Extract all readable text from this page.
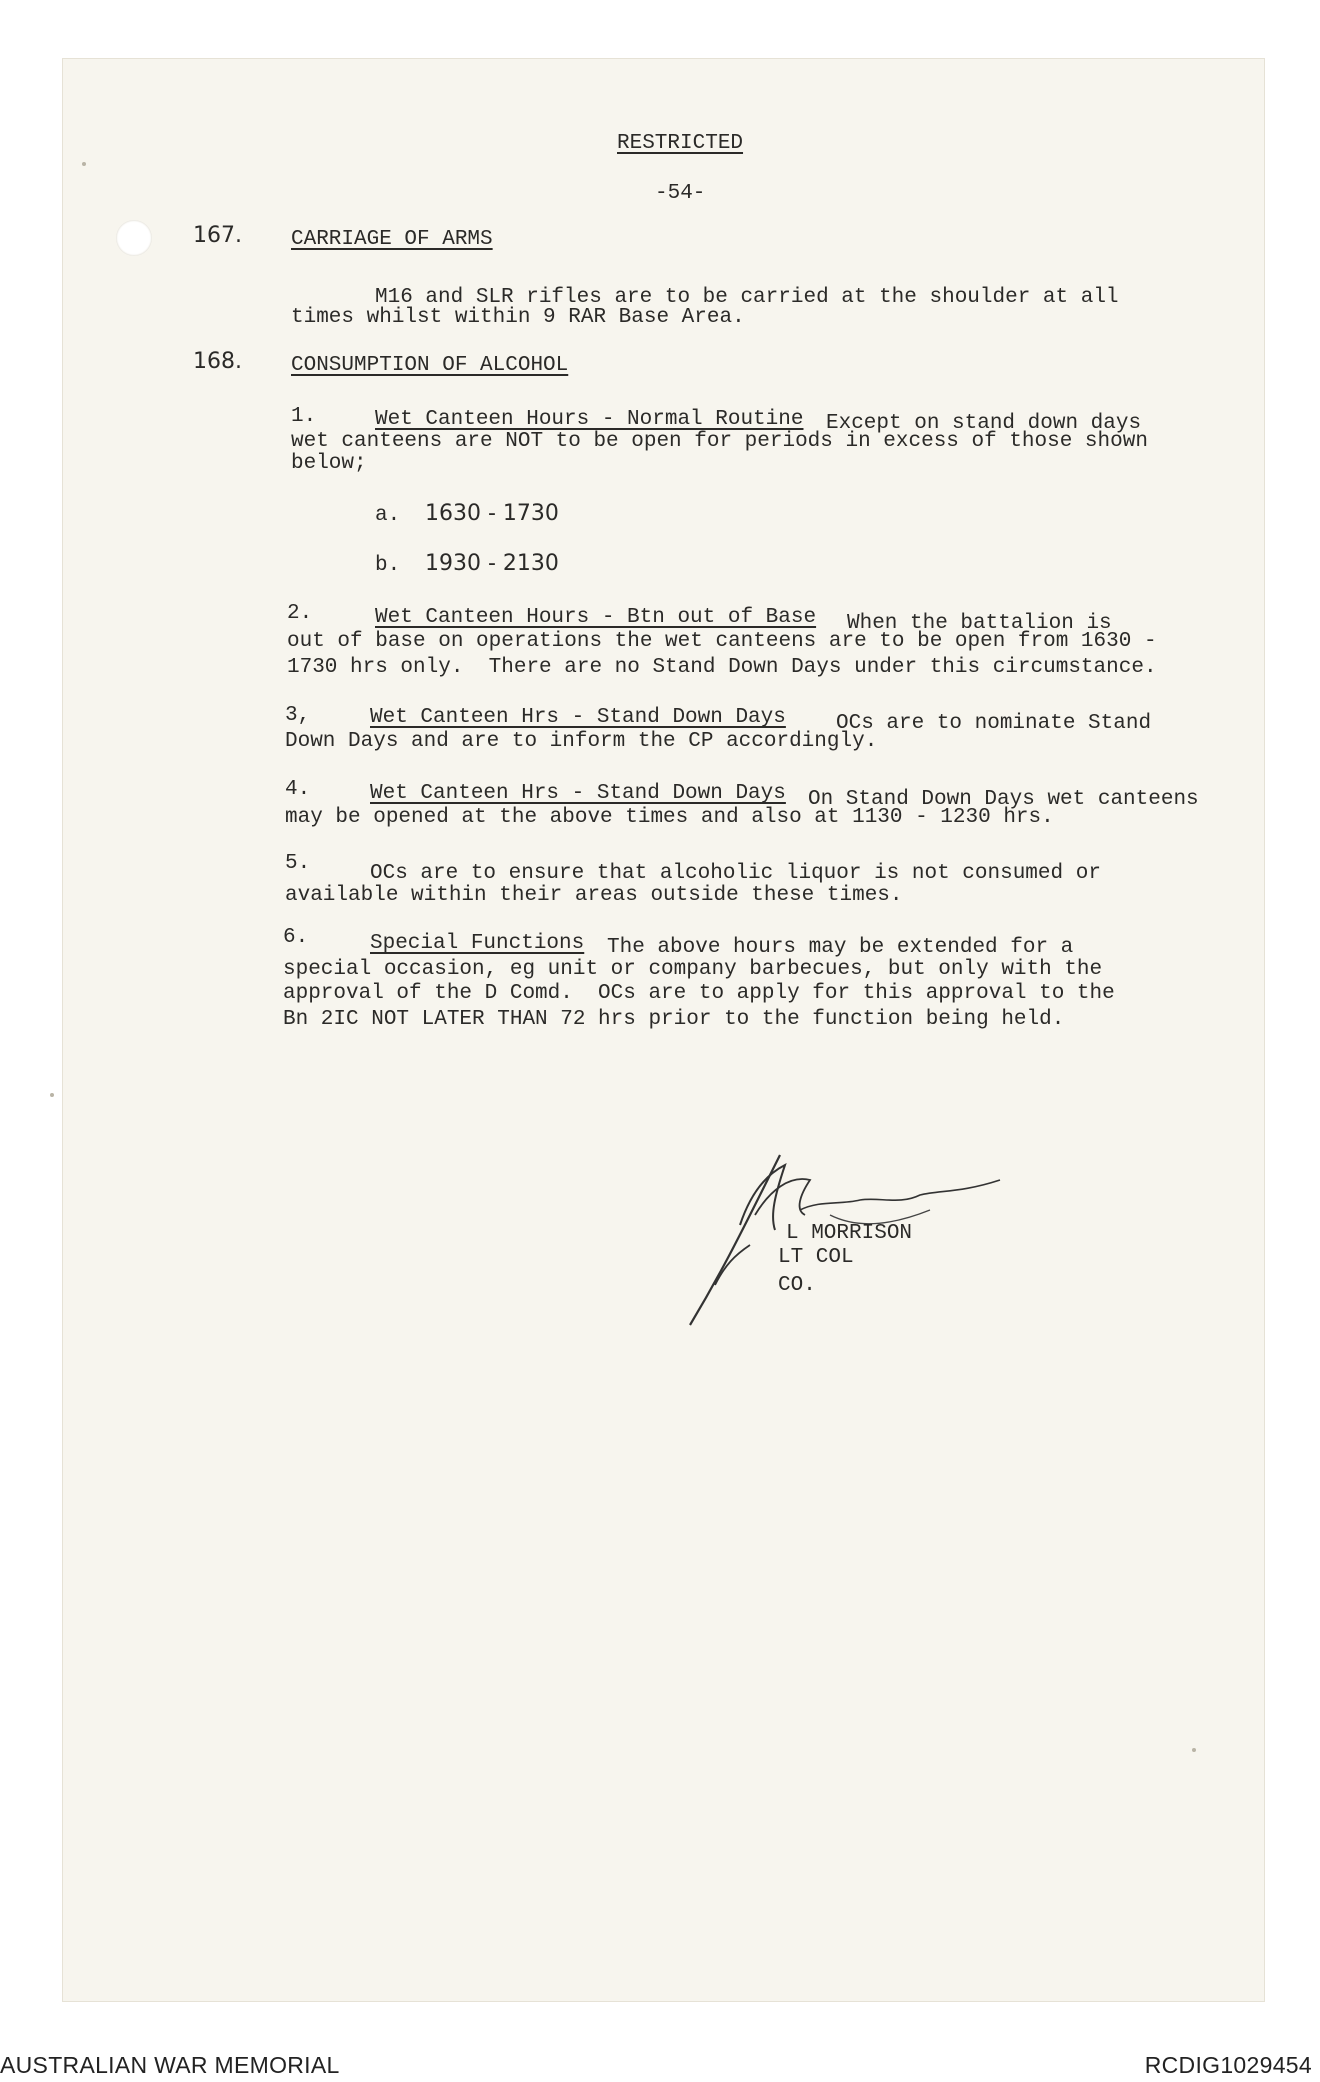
RESTRICTED
-54-
167. CARRIAGE OF ARMS
M16 and SLR rifles are to be carried at the shoulder at all
times whilst within 9 RAR Base Area.
168. CONSUMPTION OF ALCOHOL
1.	Wet Canteen Hours - Normal Routine Except on stand down days
wet canteens are NOT to be open for periods in excess of those shown
below;
a. 1630 - 1730
b. 1930 - 2130
2.	Wet Canteen Hours - Btn out of Base When the battalion is
out of base on operations the wet canteens are to be open from 1630 -
1730 hrs only.  There are no Stand Down Days under this circumstance.
3,	Wet Canteen Hrs - Stand Down Days OCs are to nominate Stand
Down Days and are to inform the CP accordingly.
4.	Wet Canteen Hrs - Stand Down Days On Stand Down Days wet canteens
may be opened at the above times and also at 1130 - 1230 hrs.
5.	OCs are to ensure that alcoholic liquor is not consumed or
available within their areas outside these times.
6.	Special Functions The above hours may be extended for a
special occasion, eg unit or company barbecues, but only with the
approval of the D Comd.  OCs are to apply for this approval to the
Bn 2IC NOT LATER THAN 72 hrs prior to the function being held.
L MORRISON
LT COL
CO.
AUSTRALIAN WAR MEMORIAL	RCDIG1029454
